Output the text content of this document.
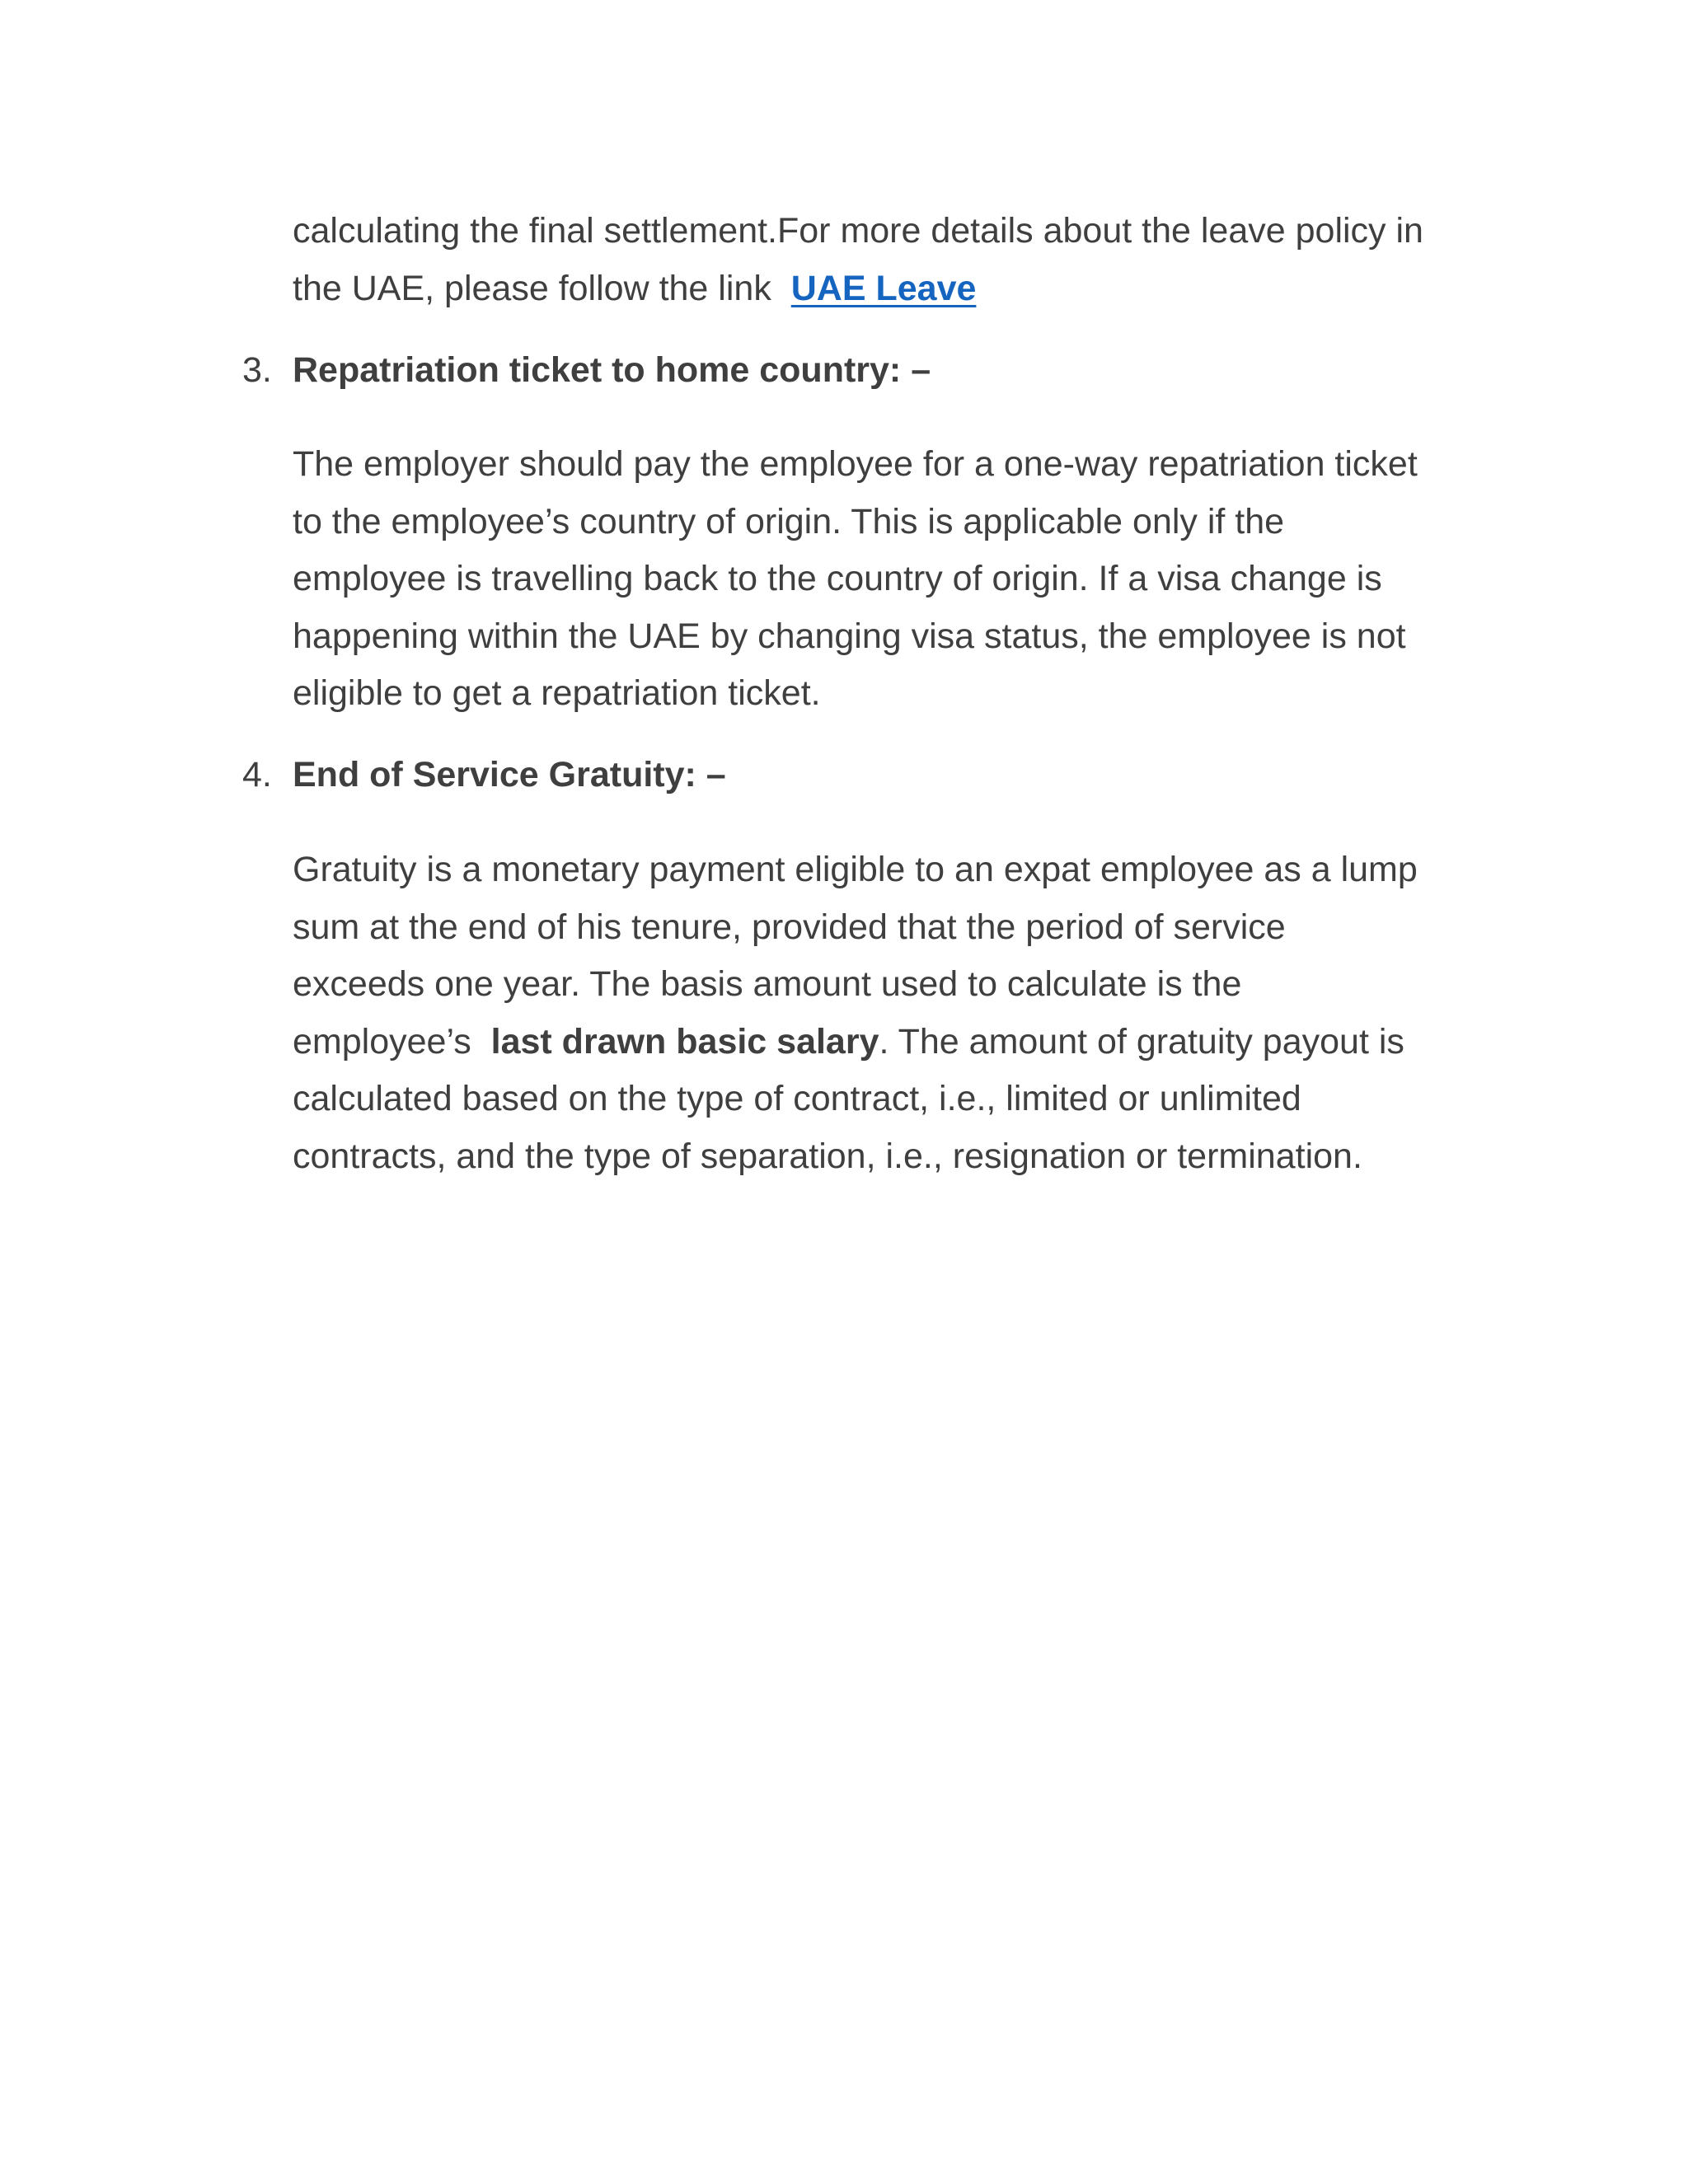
calculating the final settlement.For more details about the leave policy in
the UAE, please follow the link UAE Leave

3. Repatriation ticket to home country: –

The employer should pay the employee for a one-way repatriation ticket
to the employee’s country of origin. This is applicable only if the
employee is travelling back to the country of origin. If a visa change is
happening within the UAE by changing visa status, the employee is not
eligible to get a repatriation ticket.

4. End of Service Gratuity: –

Gratuity is a monetary payment eligible to an expat employee as a lump
sum at the end of his tenure, provided that the period of service
exceeds one year. The basis amount used to calculate is the
employee’s last drawn basic salary. The amount of gratuity payout is
calculated based on the type of contract, i.e., limited or unlimited
contracts, and the type of separation, i.e., resignation or termination.
